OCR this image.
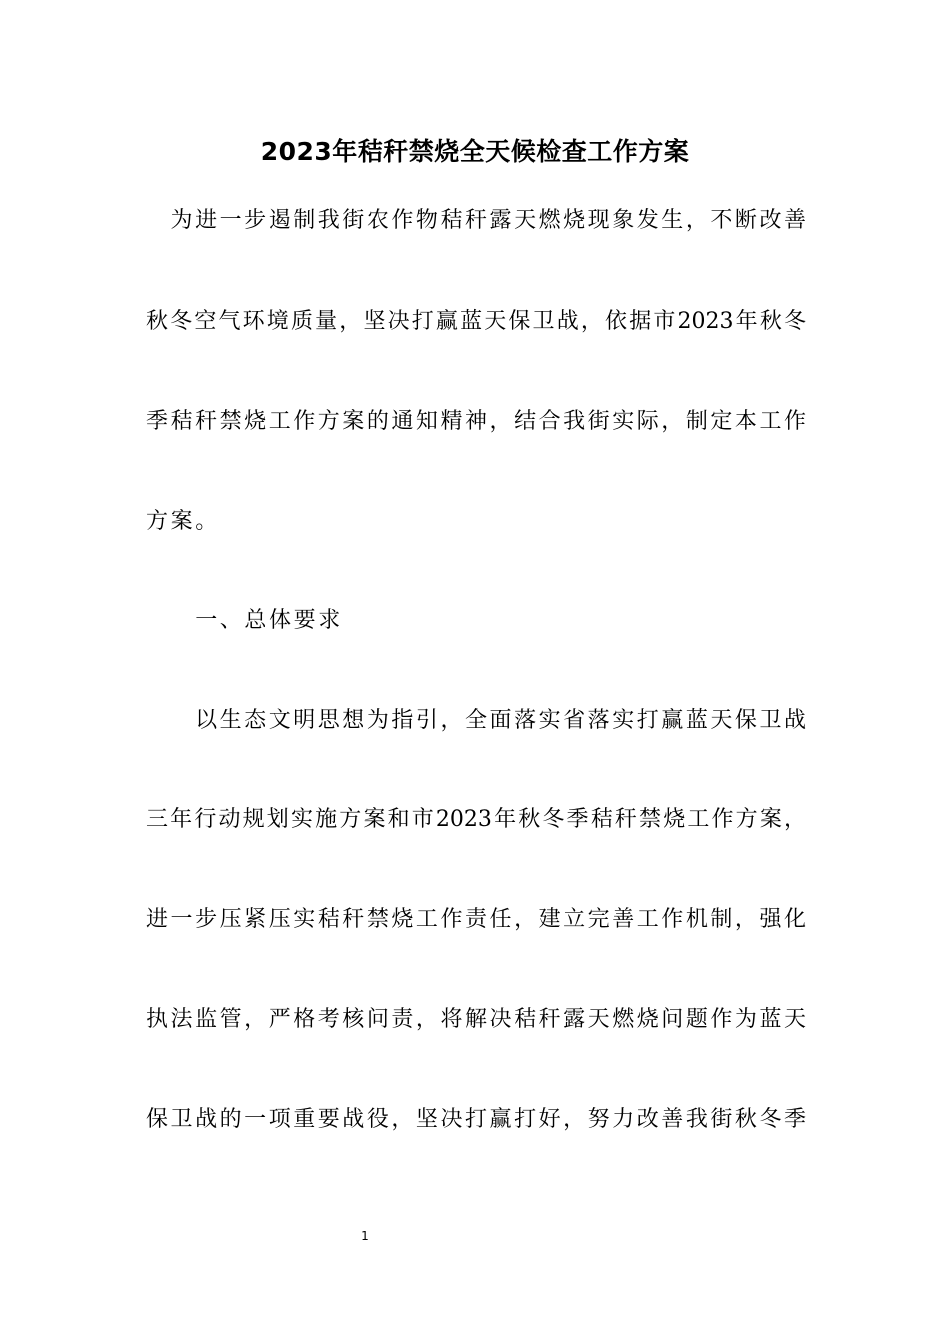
2023年秸秆禁烧全天候检查工作方案
　为进一步遏制我街农作物秸秆露天燃烧现象发生，不断改善
秋冬空气环境质量，坚决打赢蓝天保卫战，依据市2023年秋冬
季秸秆禁烧工作方案的通知精神，结合我街实际，制定本工作
方案。
　　一、总体要求
　　以生态文明思想为指引，全面落实省落实打赢蓝天保卫战
三年行动规划实施方案和市2023年秋冬季秸秆禁烧工作方案，
进一步压紧压实秸秆禁烧工作责任，建立完善工作机制，强化
执法监管，严格考核问责，将解决秸秆露天燃烧问题作为蓝天
保卫战的一项重要战役，坚决打赢打好，努力改善我街秋冬季
1
